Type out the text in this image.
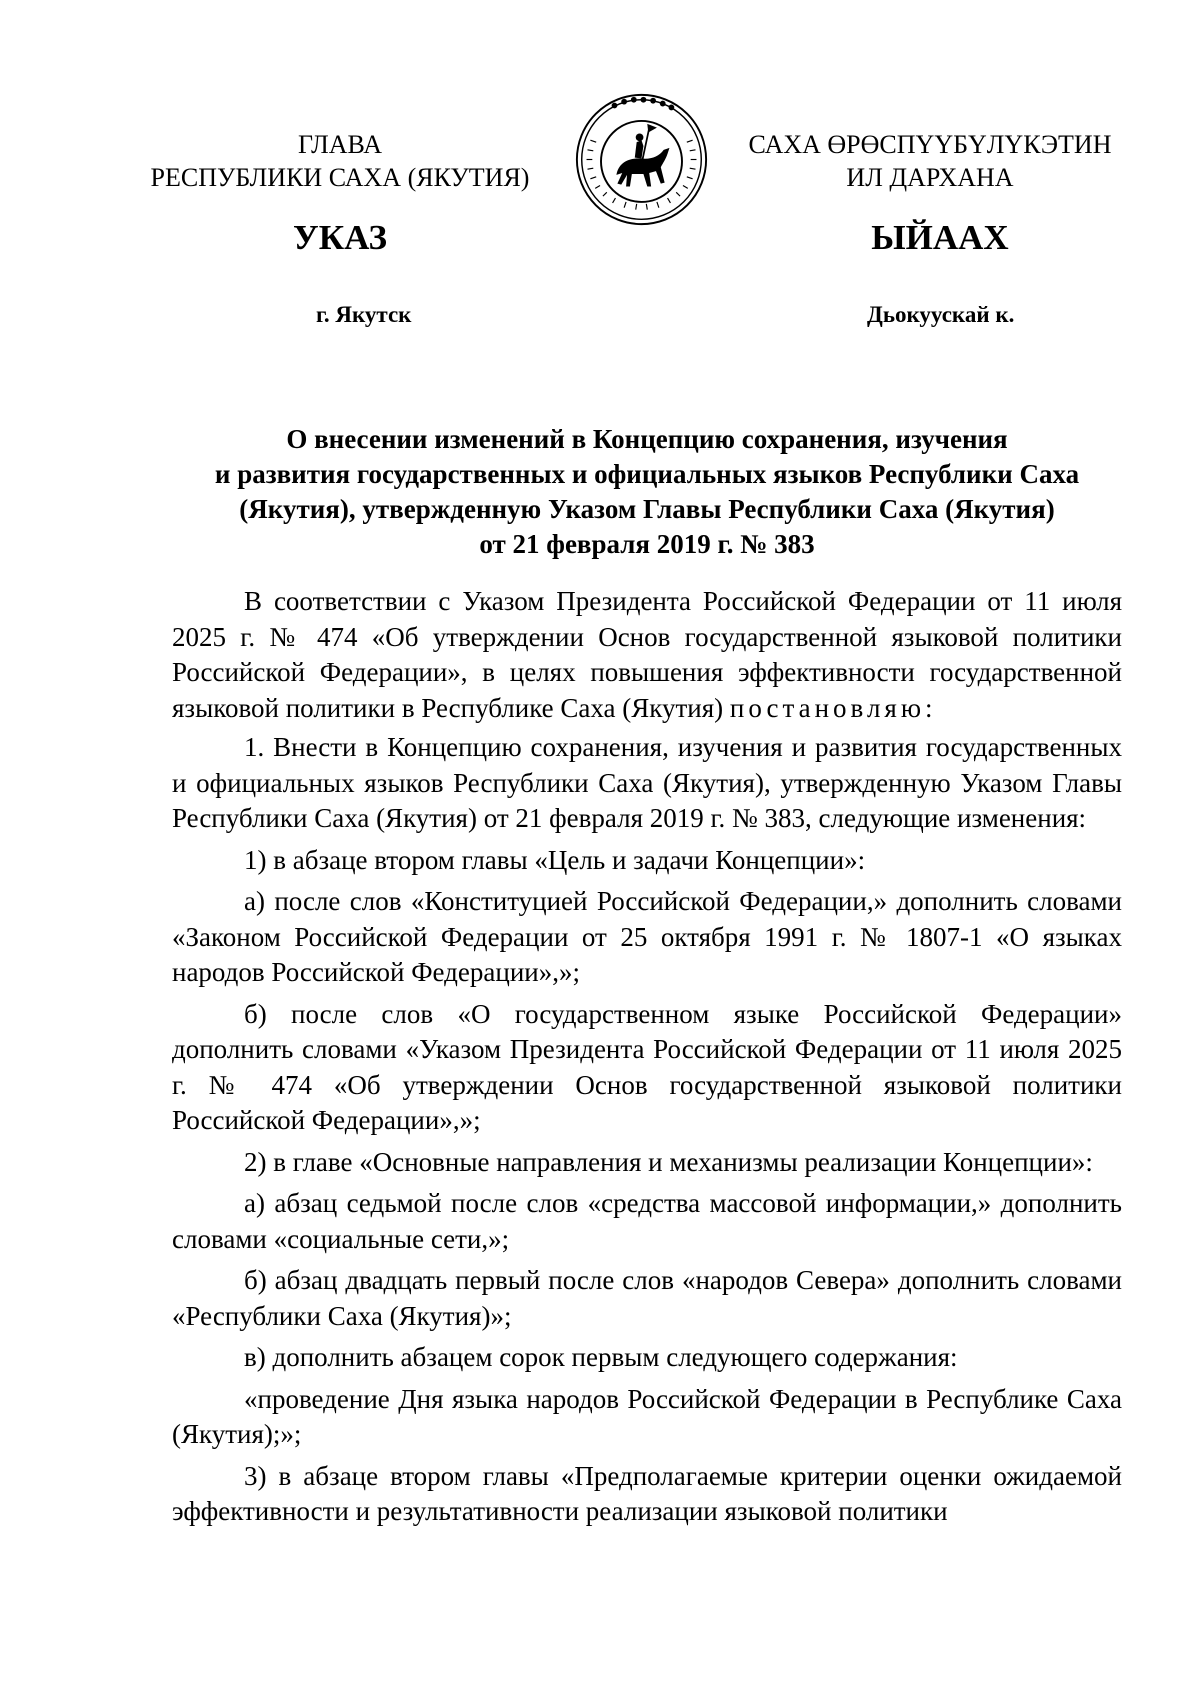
ГЛАВА
РЕСПУБЛИКИ САХА (ЯКУТИЯ)
САХА ӨРӨСПҮҮБҮЛҮКЭТИН
ИЛ ДАРХАНА
УКАЗ	ЫЙААХ
г. Якутск	Дьокуускай к.
О внесении изменений в Концепцию сохранения, изучения
и развития государственных и официальных языков Республики Саха
(Якутия), утвержденную Указом Главы Республики Саха (Якутия)
от 21 февраля 2019 г. № 383

В соответствии с Указом Президента Российской Федерации от 11 июля 2025 г. № 474 «Об утверждении Основ государственной языковой политики Российской Федерации», в целях повышения эффективности государственной языковой политики в Республике Саха (Якутия) постановляю:

1. Внести в Концепцию сохранения, изучения и развития государственных и официальных языков Республики Саха (Якутия), утвержденную Указом Главы Республики Саха (Якутия) от 21 февраля 2019 г. № 383, следующие изменения:

1) в абзаце втором главы «Цель и задачи Концепции»:

а) после слов «Конституцией Российской Федерации,» дополнить словами «Законом Российской Федерации от 25 октября 1991 г. № 1807-1 «О языках народов Российской Федерации»,»;

б) после слов «О государственном языке Российской Федерации» дополнить словами «Указом Президента Российской Федерации от 11 июля 2025 г. № 474 «Об утверждении Основ государственной языковой политики Российской Федерации»,»;

2) в главе «Основные направления и механизмы реализации Концепции»:

а) абзац седьмой после слов «средства массовой информации,» дополнить словами «социальные сети,»;

б) абзац двадцать первый после слов «народов Севера» дополнить словами «Республики Саха (Якутия)»;

в) дополнить абзацем сорок первым следующего содержания:

«проведение Дня языка народов Российской Федерации в Республике Саха (Якутия);»;

3) в абзаце втором главы «Предполагаемые критерии оценки ожидаемой эффективности и результативности реализации языковой политики
